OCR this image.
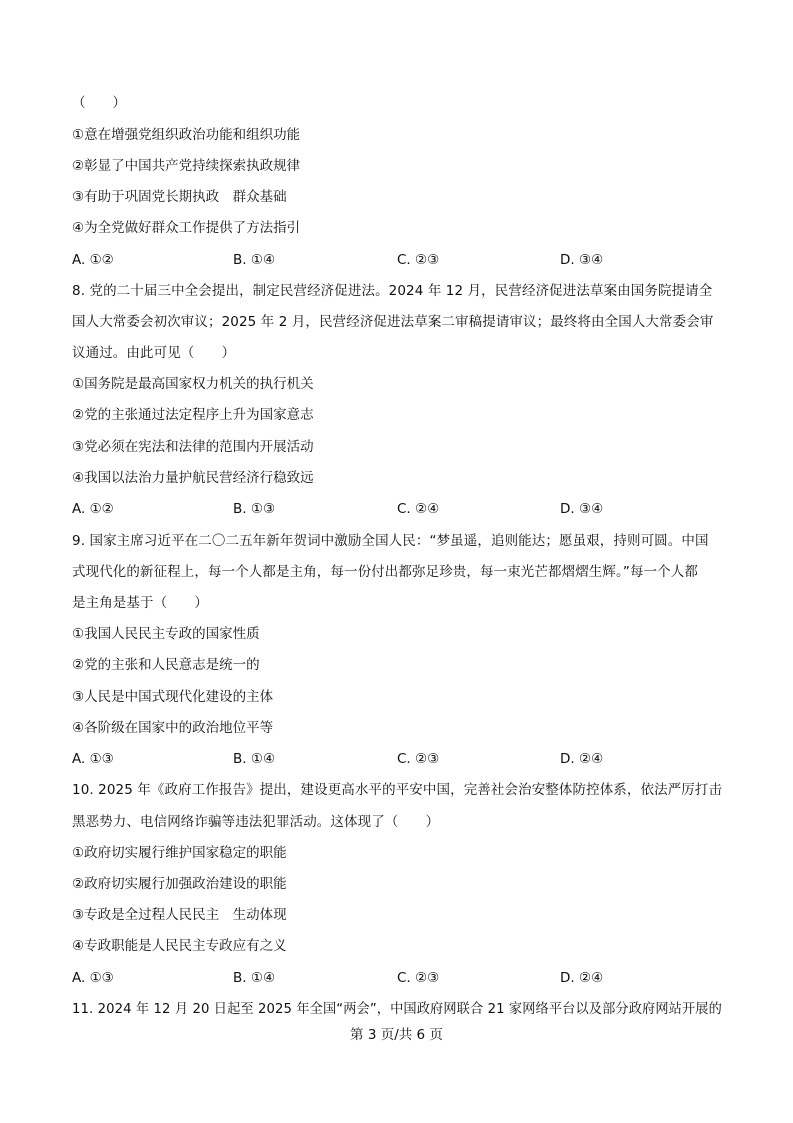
（　　）
①意在增强党组织政治功能和组织功能
②彰显了中国共产党持续探索执政规律
③有助于巩固党长期执政　群众基础
④为全党做好群众工作提供了方法指引
A. ①②	B. ①④	C. ②③	D. ③④
8. 党的二十届三中全会提出，制定民营经济促进法。2024 年 12 月，民营经济促进法草案由国务院提请全
国人大常委会初次审议；2025 年 2 月，民营经济促进法草案二审稿提请审议；最终将由全国人大常委会审
议通过。由此可见（　　）
①国务院是最高国家权力机关的执行机关
②党的主张通过法定程序上升为国家意志
③党必须在宪法和法律的范围内开展活动
④我国以法治力量护航民营经济行稳致远
A. ①②	B. ①③	C. ②④	D. ③④
9. 国家主席习近平在二〇二五年新年贺词中激励全国人民：“梦虽遥，追则能达；愿虽艰，持则可圆。中国
式现代化的新征程上，每一个人都是主角，每一份付出都弥足珍贵，每一束光芒都熠熠生辉。”每一个人都
是主角是基于（　　）
①我国人民民主专政的国家性质
②党的主张和人民意志是统一的
③人民是中国式现代化建设的主体
④各阶级在国家中的政治地位平等
A. ①③	B. ①④	C. ②③	D. ②④
10. 2025 年《政府工作报告》提出，建设更高水平的平安中国，完善社会治安整体防控体系，依法严厉打击
黑恶势力、电信网络诈骗等违法犯罪活动。这体现了（　　）
①政府切实履行维护国家稳定的职能
②政府切实履行加强政治建设的职能
③专政是全过程人民民主　生动体现
④专政职能是人民民主专政应有之义
A. ①③	B. ①④	C. ②③	D. ②④
11. 2024 年 12 月 20 日起至 2025 年全国“两会”，中国政府网联合 21 家网络平台以及部分政府网站开展的
第 3 页/共 6 页
